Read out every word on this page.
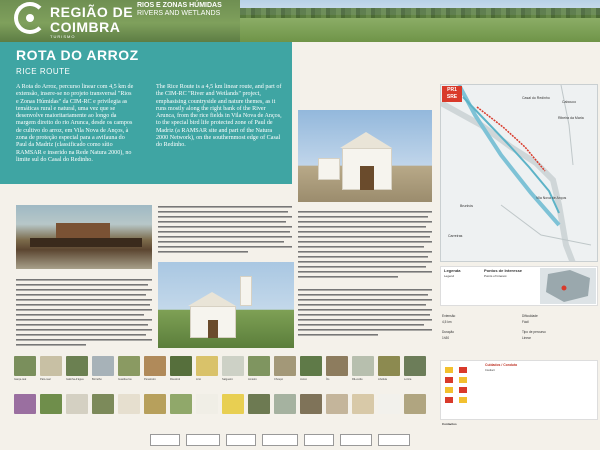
REGIÃO DE
COIMBRA
TURISMO
RIOS E ZONAS HÚMIDAS
RIVERS AND WETLANDS
ROTA DO ARROZ
RICE ROUTE
A Rota do Arroz, percurso linear com 4,5 km de extensão, insere-se no projeto transversal "Rios e Zonas Húmidas" da CIM-RC e privilegia as temáticas rural e natural, uma vez que se desenvolve maioritariamente ao longo da margem direito do rio Arunca, desde os campos de cultivo do arroz, em Vila Nova de Anços, à zona de proteção especial para a avifauna do Paul da Madriz (classificado como sítio RAMSAR e inserido na Rede Natura 2000), no limite sul do Casal do Redinho.
The Rice Route is a 4,5 km linear route, and part of the CIM-RC "River and Wetlands" project, emphasising countryside and nature themes, as it runs mostly along the right bank of the River Arunca, from the rice fields in Vila Nova de Anços, to the special bird life protected zone of Paul de Madriz (a RAMSAR site and part of the Natura 2000 Network), on the southernmost edge of Casal do Redinho.
Garça-real	Pato-real	Galinha-d'água	Borrelho	Guarda-rios	Peneireiro	Rouxinol	Lírio	Salgueiro	Amieiro	Choupo	Junco	Íris	Rã-verde	Libélula	Lontra
PR1
SRE	Casal do Redinho
Cabouco
Vila Nova de Anços
Ribeira da Maria
Brunhós
Carreiras
Legenda
Legend
Pontos de Interesse
Points of Interest
Extensão
4,5 km
Duração
1h30
Dificuldade
Fácil
Tipo de percurso
Linear
Cuidados / Conduta
Conduct
Contactos
